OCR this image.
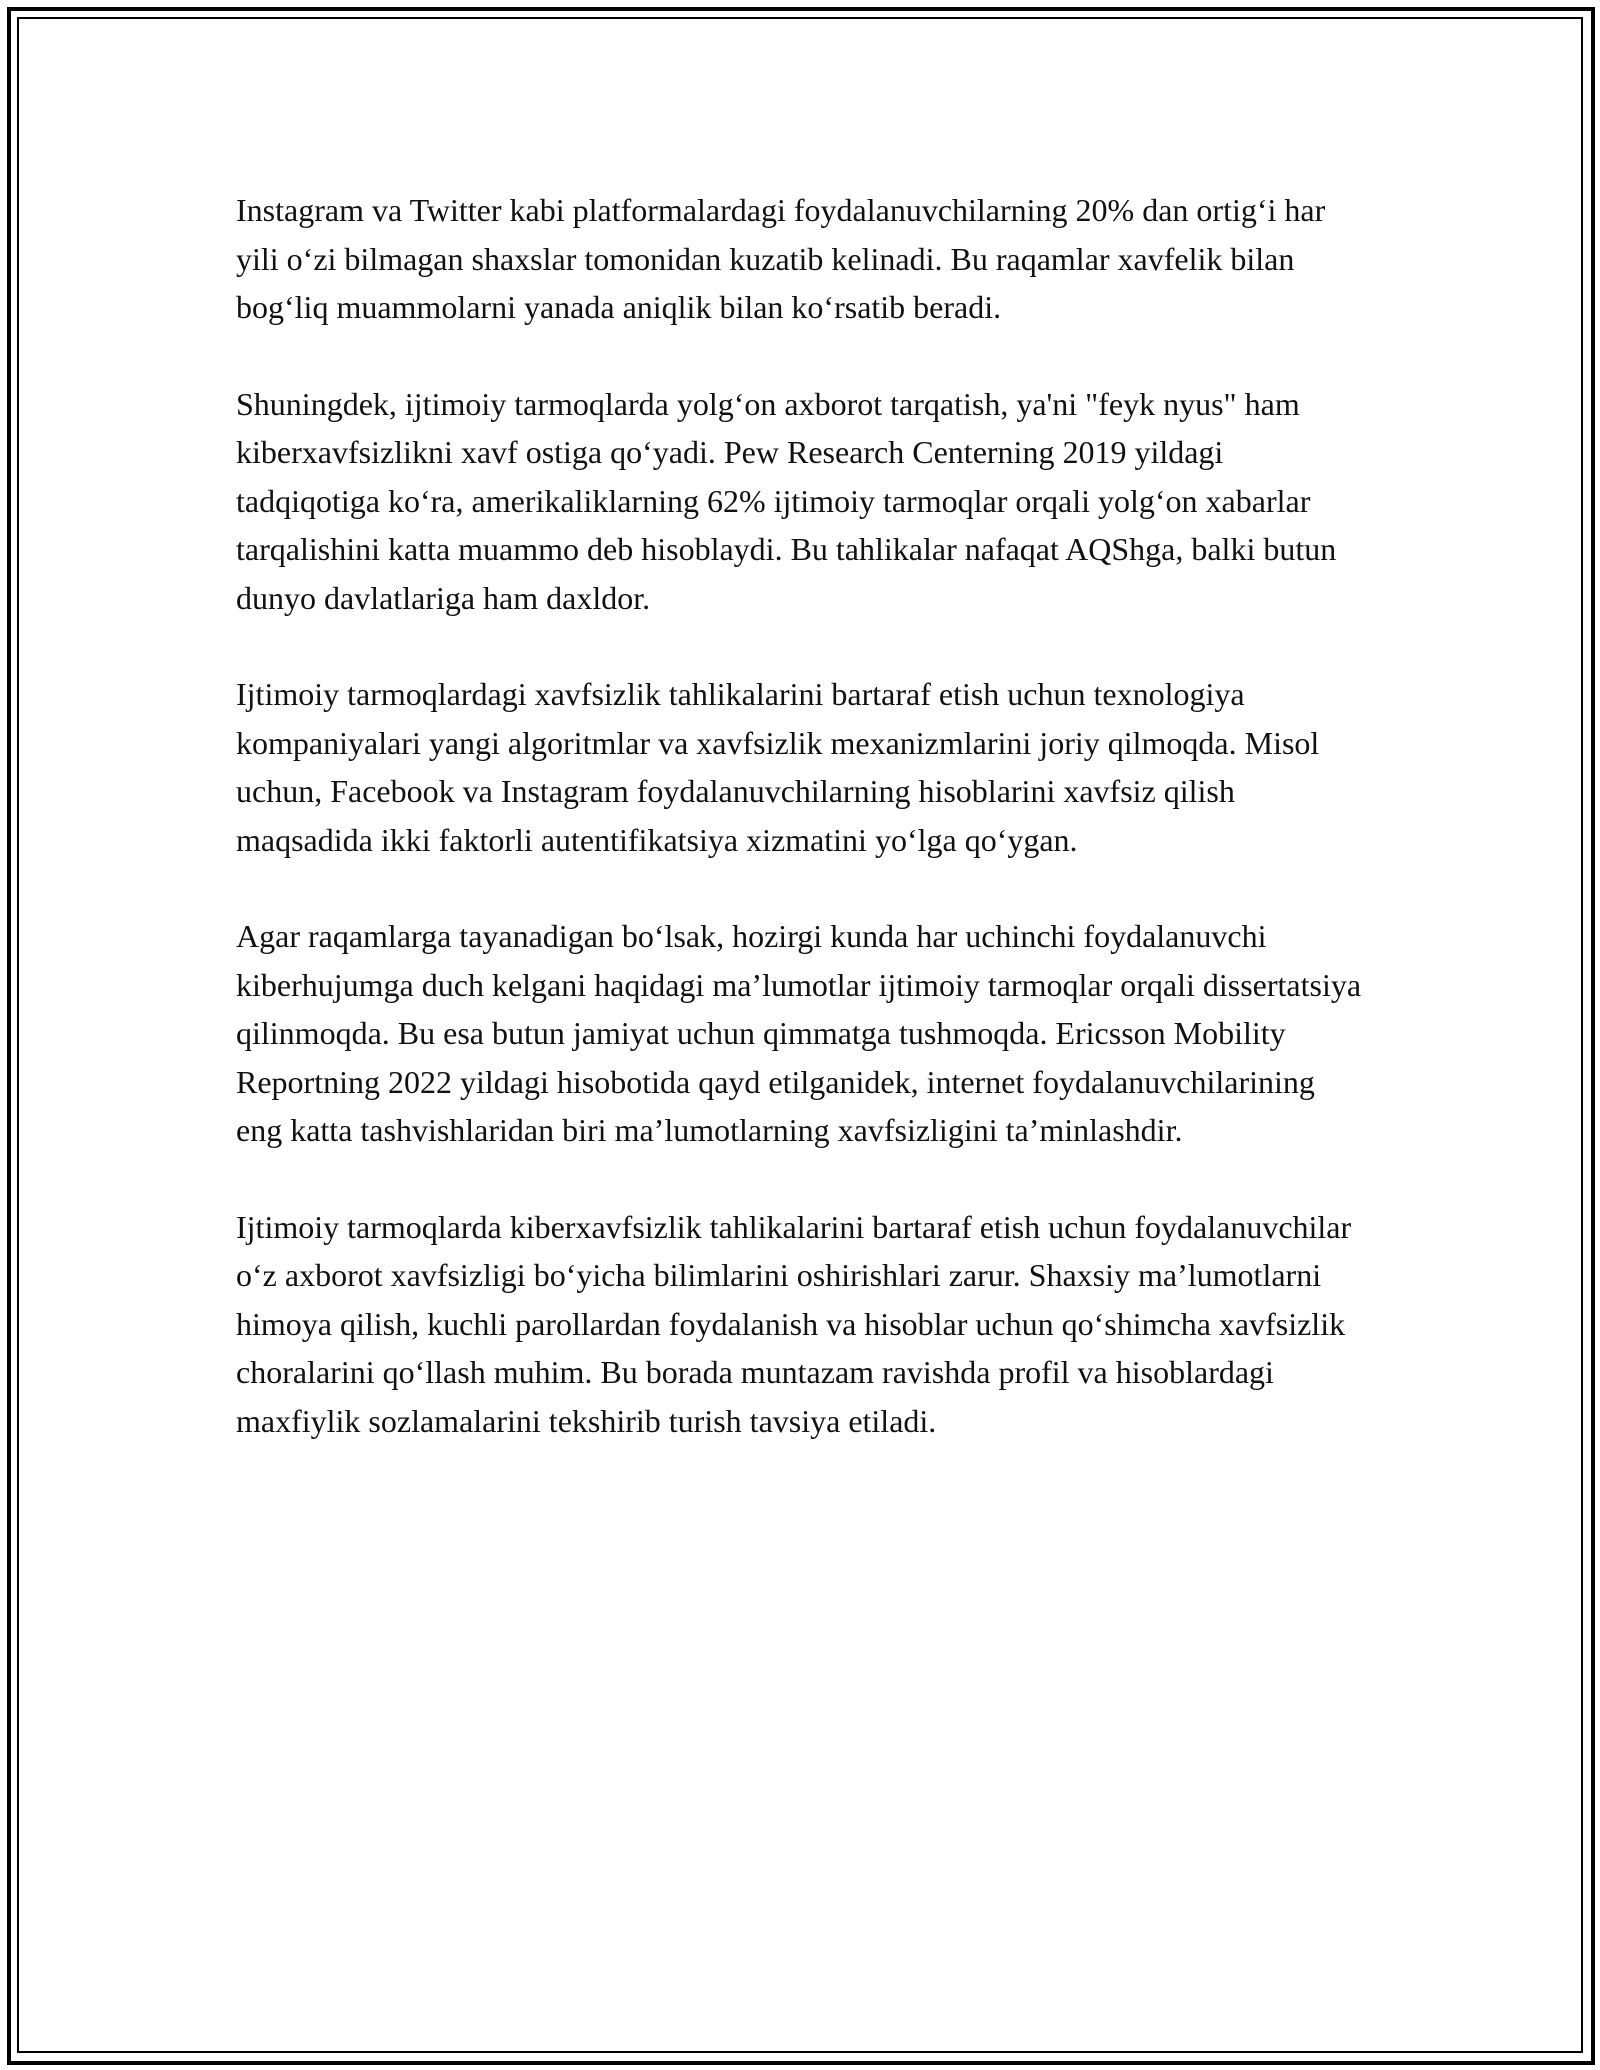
Instagram va Twitter kabi platformalardagi foydalanuvchilarning 20% dan ortig‘i har yili o‘zi bilmagan shaxslar tomonidan kuzatib kelinadi. Bu raqamlar xavfelik bilan bog‘liq muammolarni yanada aniqlik bilan ko‘rsatib beradi.

Shuningdek, ijtimoiy tarmoqlarda yolg‘on axborot tarqatish, ya'ni "feyk nyus" ham kiberxavfsizlikni xavf ostiga qo‘yadi. Pew Research Centerning 2019 yildagi tadqiqotiga ko‘ra, amerikaliklarning 62% ijtimoiy tarmoqlar orqali yolg‘on xabarlar tarqalishini katta muammo deb hisoblaydi. Bu tahlikalar nafaqat AQShga, balki butun dunyo davlatlariga ham daxldor.

Ijtimoiy tarmoqlardagi xavfsizlik tahlikalarini bartaraf etish uchun texnologiya kompaniyalari yangi algoritmlar va xavfsizlik mexanizmlarini joriy qilmoqda. Misol uchun, Facebook va Instagram foydalanuvchilarning hisoblarini xavfsiz qilish maqsadida ikki faktorli autentifikatsiya xizmatini yo‘lga qo‘ygan.

Agar raqamlarga tayanadigan bo‘lsak, hozirgi kunda har uchinchi foydalanuvchi kiberhujumga duch kelgani haqidagi ma’lumotlar ijtimoiy tarmoqlar orqali dissertatsiya qilinmoqda. Bu esa butun jamiyat uchun qimmatga tushmoqda. Ericsson Mobility Reportning 2022 yildagi hisobotida qayd etilganidek, internet foydalanuvchilarining eng katta tashvishlaridan biri ma’lumotlarning xavfsizligini ta’minlashdir.

Ijtimoiy tarmoqlarda kiberxavfsizlik tahlikalarini bartaraf etish uchun foydalanuvchilar o‘z axborot xavfsizligi bo‘yicha bilimlarini oshirishlari zarur. Shaxsiy ma’lumotlarni himoya qilish, kuchli parollardan foydalanish va hisoblar uchun qo‘shimcha xavfsizlik choralarini qo‘llash muhim. Bu borada muntazam ravishda profil va hisoblardagi maxfiylik sozlamalarini tekshirib turish tavsiya etiladi.
